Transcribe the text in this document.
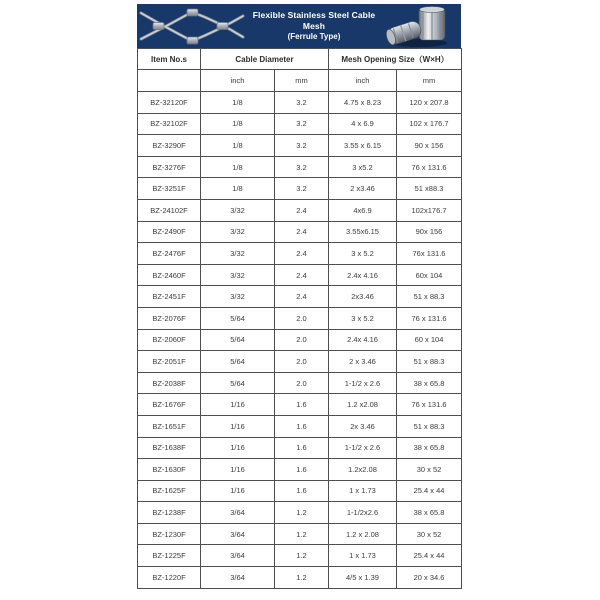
Flexible Stainless Steel Cable Mesh
(Ferrule Type)
Item No.s	Cable Diameter		Mesh Opening Size（W×H）	
	inch	mm	inch	mm
BZ-32120F	1/8	3.2	4.75 x 8.23	120 x 207.8
BZ-32102F	1/8	3.2	4 x 6.9	102 x 176.7
BZ-3290F	1/8	3.2	3.55 x 6.15	90 x 156
BZ-3276F	1/8	3.2	3 x5.2	76 x 131.6
BZ-3251F	1/8	3.2	2 x3.46	51 x88.3
BZ-24102F	3/32	2.4	4x6.9	102x176.7
BZ-2490F	3/32	2.4	3.55x6.15	90x 156
BZ-2476F	3/32	2.4	3 x 5.2	76x 131.6
BZ-2460F	3/32	2.4	2.4x 4.16	60x 104
BZ-2451F	3/32	2.4	2x3.46	51 x 88.3
BZ-2076F	5/64	2.0	3 x 5.2	76 x 131.6
BZ-2060F	5/64	2.0	2.4x 4.16	60 x 104
BZ-2051F	5/64	2.0	2 x 3.46	51 x 88.3
BZ-2038F	5/64	2.0	1-1/2 x 2.6	38 x 65.8
BZ-1676F	1/16	1.6	1.2 x2.08	76 x 131.6
BZ-1651F	1/16	1.6	2x 3.46	51 x 88.3
BZ-1638F	1/16	1.6	1-1/2 x 2.6	38 x 65.8
BZ-1630F	1/16	1.6	1.2x2.08	30 x 52
BZ-1625F	1/16	1.6	1 x 1.73	25.4 x 44
BZ-1238F	3/64	1.2	1-1/2x2.6	38 x 65.8
BZ-1230F	3/64	1.2	1.2 x 2.08	30 x 52
BZ-1225F	3/64	1.2	1 x 1.73	25.4 x 44
BZ-1220F	3/64	1.2	4/5 x 1.39	20 x 34.6
